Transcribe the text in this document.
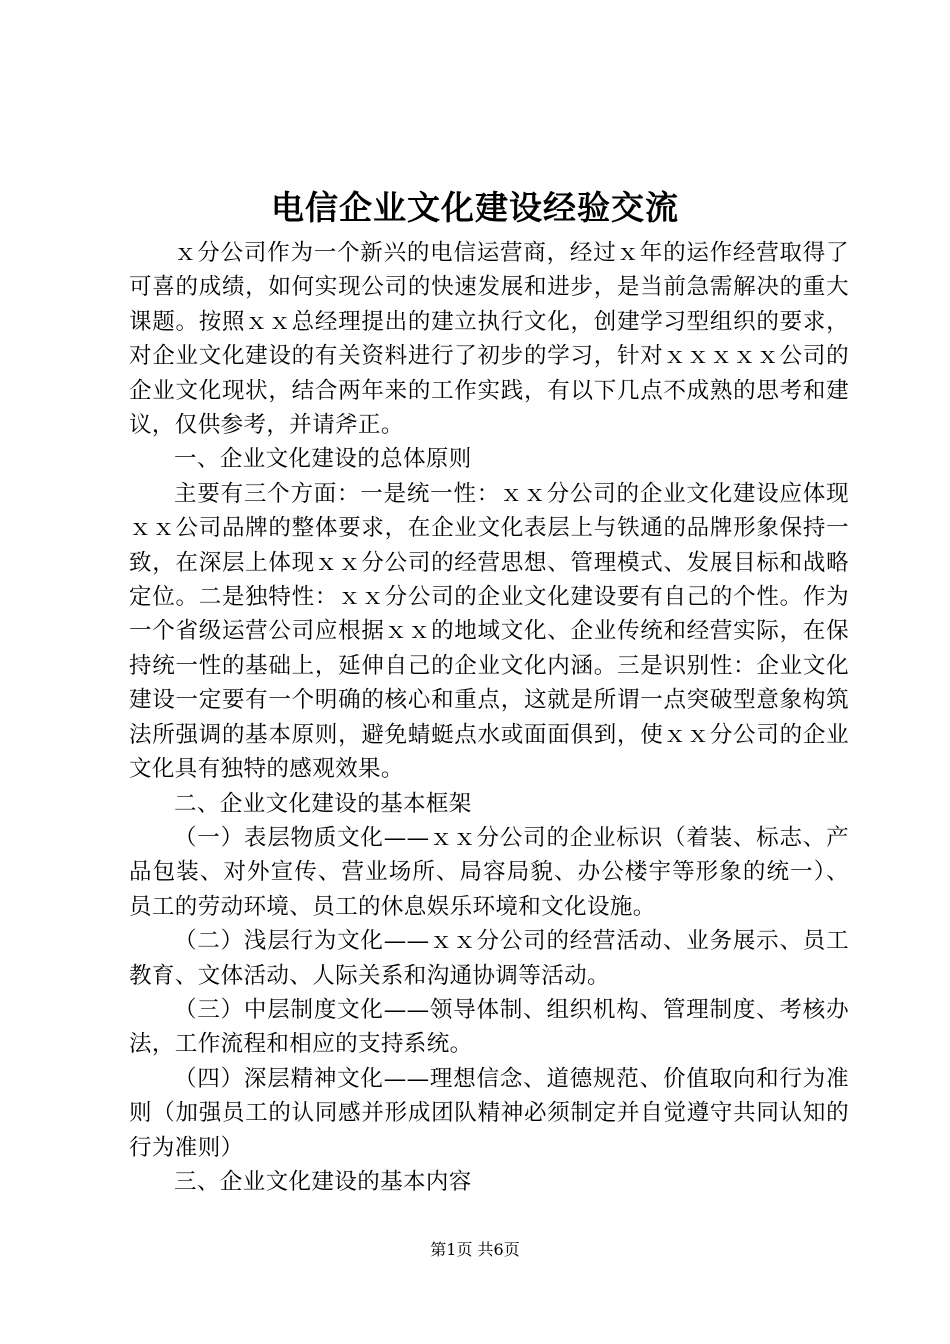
电信企业文化建设经验交流

ｘ分公司作为一个新兴的电信运营商，经过ｘ年的运作经营取得了可喜的成绩，如何实现公司的快速发展和进步，是当前急需解决的重大课题。按照ｘｘ总经理提出的建立执行文化，创建学习型组织的要求，对企业文化建设的有关资料进行了初步的学习，针对ｘｘｘｘｘ公司的企业文化现状，结合两年来的工作实践，有以下几点不成熟的思考和建议，仅供参考，并请斧正。

一、企业文化建设的总体原则

主要有三个方面：一是统一性：ｘｘ分公司的企业文化建设应体现ｘｘ公司品牌的整体要求，在企业文化表层上与铁通的品牌形象保持一致，在深层上体现ｘｘ分公司的经营思想、管理模式、发展目标和战略定位。二是独特性：ｘｘ分公司的企业文化建设要有自己的个性。作为一个省级运营公司应根据ｘｘ的地域文化、企业传统和经营实际，在保持统一性的基础上，延伸自己的企业文化内涵。三是识别性：企业文化建设一定要有一个明确的核心和重点，这就是所谓一点突破型意象构筑法所强调的基本原则，避免蜻蜓点水或面面俱到，使ｘｘ分公司的企业文化具有独特的感观效果。

二、企业文化建设的基本框架

（一）表层物质文化——ｘｘ分公司的企业标识（着装、标志、产品包装、对外宣传、营业场所、局容局貌、办公楼宇等形象的统一）、员工的劳动环境、员工的休息娱乐环境和文化设施。

（二）浅层行为文化——ｘｘ分公司的经营活动、业务展示、员工教育、文体活动、人际关系和沟通协调等活动。

（三）中层制度文化——领导体制、组织机构、管理制度、考核办法，工作流程和相应的支持系统。

（四）深层精神文化——理想信念、道德规范、价值取向和行为准则（加强员工的认同感并形成团队精神必须制定并自觉遵守共同认知的行为准则）

三、企业文化建设的基本内容

第1页 共6页
